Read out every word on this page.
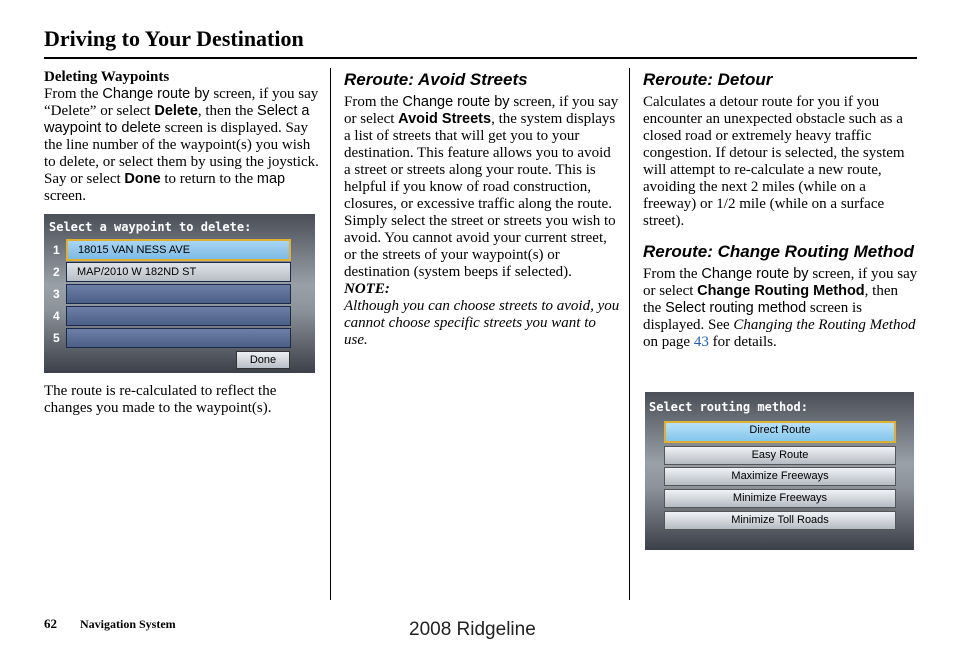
Driving to Your Destination

Deleting Waypoints

From the Change route by screen, if you say “Delete” or select Delete, then the Select a waypoint to delete screen is displayed. Say the line number of the waypoint(s) you wish to delete, or select them by using the joystick. Say or select Done to return to the map screen.

Select a waypoint to delete:
1
2
3
4
5
18015 VAN NESS AVE
MAP/2010 W 182ND ST
Done

The route is re-calculated to reflect the changes you made to the waypoint(s).

Reroute: Avoid Streets

From the Change route by screen, if you say or select Avoid Streets, the system displays a list of streets that will get you to your destination. This feature allows you to avoid a street or streets along your route. This is helpful if you know of road construction, closures, or excessive traffic along the route. Simply select the street or streets you wish to avoid. You cannot avoid your current street, or the streets of your waypoint(s) or destination (system beeps if selected).

NOTE:

Although you can choose streets to avoid, you cannot choose specific streets you want to use.

Reroute: Detour

Calculates a detour route for you if you encounter an unexpected obstacle such as a closed road or extremely heavy traffic congestion. If detour is selected, the system will attempt to re-calculate a new route, avoiding the next 2 miles (while on a freeway) or 1/2 mile (while on a surface street).

Reroute: Change Routing Method

From the Change route by screen, if you say or select Change Routing Method, then the Select routing method screen is displayed. See Changing the Routing Method on page 43 for details.

Select routing method:
Direct Route
Easy Route
Maximize Freeways
Minimize Freeways
Minimize Toll Roads
62 Navigation System	2008 Ridgeline
